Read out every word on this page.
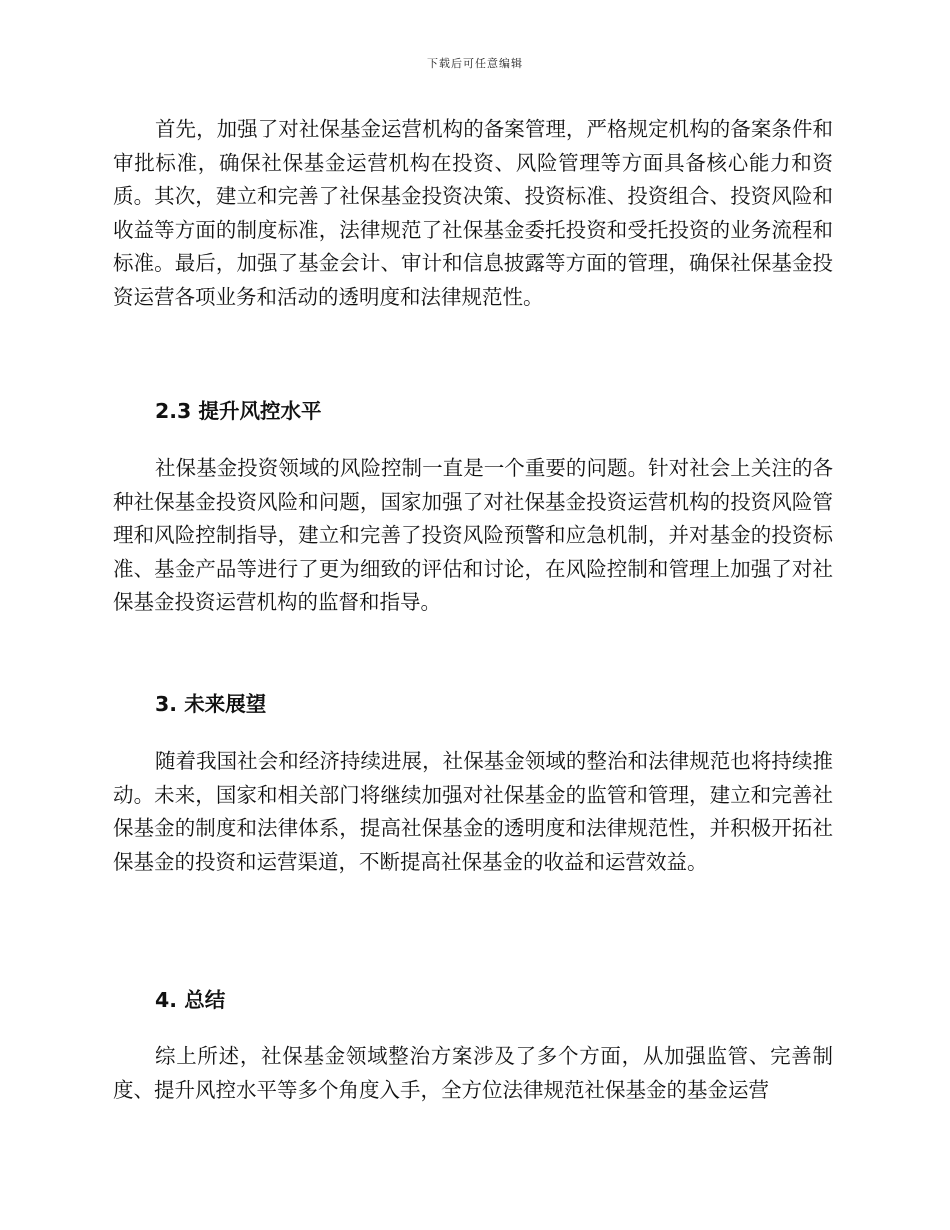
下载后可任意编辑

首先，加强了对社保基金运营机构的备案管理，严格规定机构的备案条件和审批标准，确保社保基金运营机构在投资、风险管理等方面具备核心能力和资质。其次，建立和完善了社保基金投资决策、投资标准、投资组合、投资风险和收益等方面的制度标准，法律规范了社保基金委托投资和受托投资的业务流程和标准。最后，加强了基金会计、审计和信息披露等方面的管理，确保社保基金投资运营各项业务和活动的透明度和法律规范性。

2.3 提升风控水平

社保基金投资领域的风险控制一直是一个重要的问题。针对社会上关注的各种社保基金投资风险和问题，国家加强了对社保基金投资运营机构的投资风险管理和风险控制指导，建立和完善了投资风险预警和应急机制，并对基金的投资标准、基金产品等进行了更为细致的评估和讨论，在风险控制和管理上加强了对社保基金投资运营机构的监督和指导。

3. 未来展望

随着我国社会和经济持续进展，社保基金领域的整治和法律规范也将持续推动。未来，国家和相关部门将继续加强对社保基金的监管和管理，建立和完善社保基金的制度和法律体系，提高社保基金的透明度和法律规范性，并积极开拓社保基金的投资和运营渠道，不断提高社保基金的收益和运营效益。

4. 总结

综上所述，社保基金领域整治方案涉及了多个方面，从加强监管、完善制度、提升风控水平等多个角度入手，全方位法律规范社保基金的基金运营
